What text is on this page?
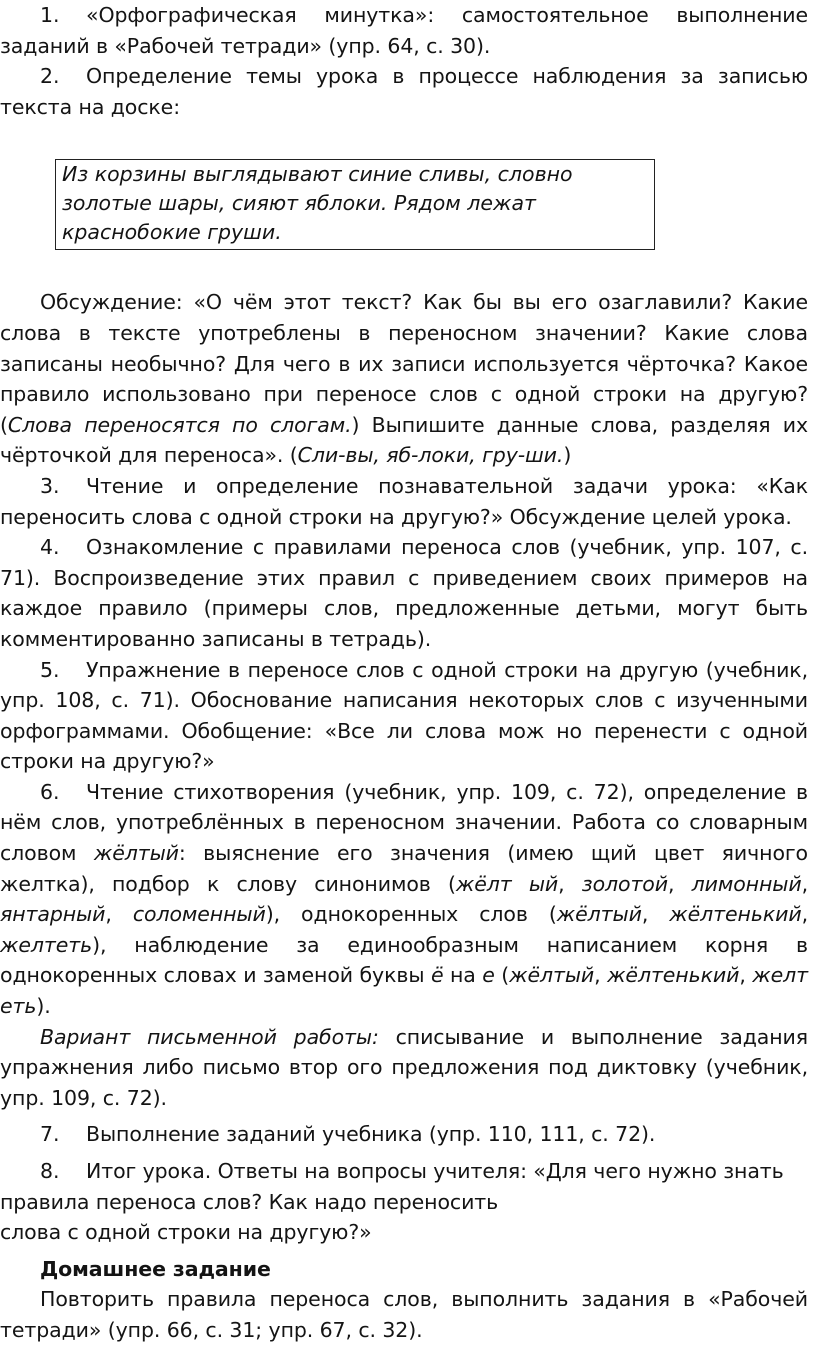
1. «Орфографическая минутка»: самостоятельное выполнение заданий в «Рабочей тетради» (упр. 64, с. 30).

2. Определение темы урока в процессе наблюдения за записью текста на доске:

Из корзины выглядывают синие сливы, словно
золотые шары, сияют яблоки. Рядом лежат
краснобокие груши.

Обсуждение: «О чём этот текст? Как бы вы его озаглавили? Какие слова в тексте употреблены в переносном значении? Какие слова записаны необычно? Для чего в их записи используется чёрточка? Какое правило использовано при переносе слов с одной строки на другую? (Слова переносятся по слогам.) Выпишите данные слова, разделяя их чёрточкой для переноса». (Сли-вы, яб-локи, гру-ши.)

3. Чтение и определение познавательной задачи урока: «Как переносить слова с одной строки на другую?» Обсуждение целей урока.

4. Ознакомление с правилами переноса слов (учебник, упр. 107, с. 71). Воспроизведение этих правил с приведением своих примеров на каждое правило (примеры слов, предложенные детьми, могут быть комментированно записаны в тетрадь).

5. Упражнение в переносе слов с одной строки на другую (учебник, упр. 108, с. 71). Обоснование написания некоторых слов с изученными орфограммами. Обобщение: «Все ли слова мож но перенести с одной строки на другую?»

6. Чтение стихотворения (учебник, упр. 109, с. 72), определение в нём слов, употреблённых в переносном значении. Работа со словарным словом жёлтый: выяснение его значения (имею щий цвет яичного желтка), подбор к слову синонимов (жёлт ый, золотой, лимонный, янтарный, соломенный), однокоренных слов (жёлтый, жёлтенький, желтеть), наблюдение за единообразным написанием корня в однокоренных словах и заменой буквы ё на е (жёлтый, жёлтенький, желт еть).

Вариант письменной работы: списывание и выполнение задания упражнения либо письмо втор ого предложения под диктовку (учебник, упр. 109, с. 72).

7. Выполнение заданий учебника (упр. 110, 111, с. 72).

8. Итог урока. Ответы на вопросы учителя: «Для чего нужно знать правила переноса слов? Как надо переносить
слова с одной строки на другую?»

Домашнее задание

Повторить правила переноса слов, выполнить задания в «Рабочей тетради» (упр. 66, с. 31; упр. 67, с. 32).
